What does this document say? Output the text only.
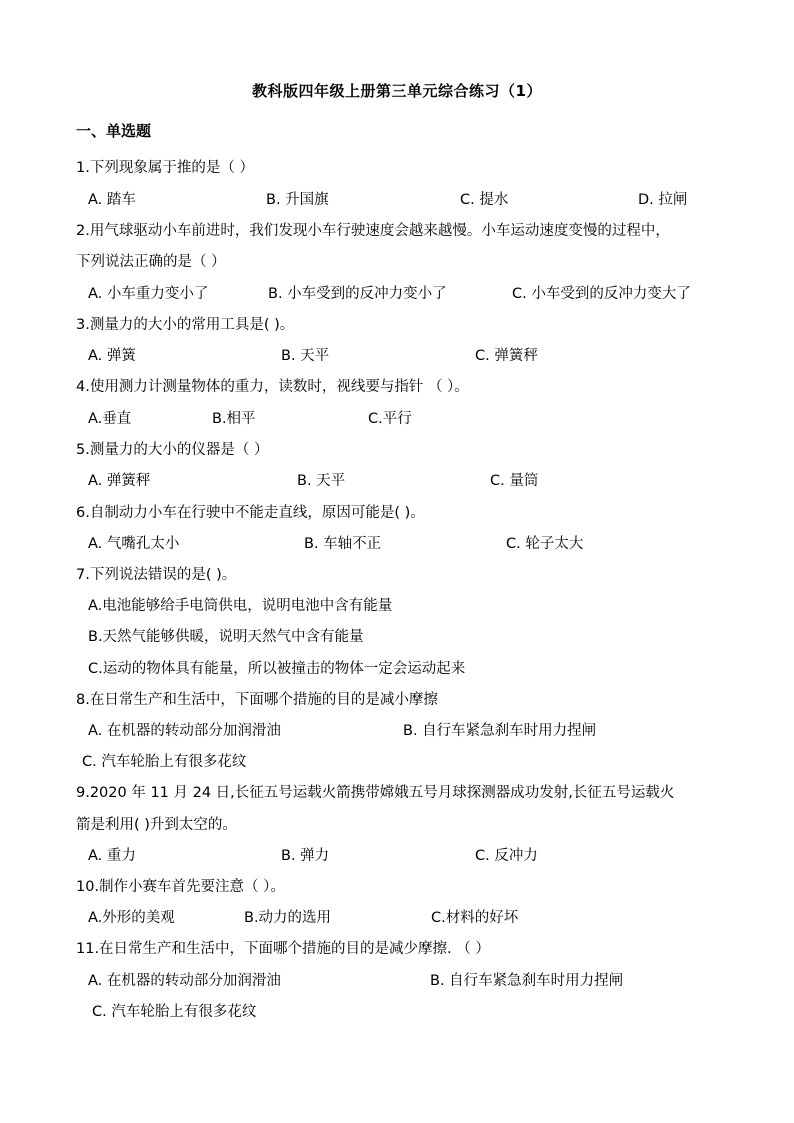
教科版四年级上册第三单元综合练习（1）
一、单选题
1.下列现象属于推的是（ ）
A. 踏车	B. 升国旗	C. 提水	D. 拉闸
2.用气球驱动小车前进时，我们发现小车行驶速度会越来越慢。小车运动速度变慢的过程中，
下列说法正确的是（ ）
A. 小车重力变小了	B. 小车受到的反冲力变小了	C. 小车受到的反冲力变大了
3.测量力的大小的常用工具是( )。
A. 弹簧	B. 天平	C. 弹簧秤
4.使用测力计测量物体的重力，读数时，视线要与指针 （ ）。
A.垂直	B.相平	C.平行
5.测量力的大小的仪器是（ ）
A. 弹簧秤	B. 天平	C. 量筒
6.自制动力小车在行驶中不能走直线，原因可能是( )。
A. 气嘴孔太小	B. 车轴不正	C. 轮子太大
7.下列说法错误的是( )。
A.电池能够给手电筒供电，说明电池中含有能量
B.天然气能够供暖，说明天然气中含有能量
C.运动的物体具有能量，所以被撞击的物体一定会运动起来
8.在日常生产和生活中，下面哪个措施的目的是减小摩擦
A. 在机器的转动部分加润滑油	B. 自行车紧急刹车时用力捏闸
C. 汽车轮胎上有很多花纹
9.2020 年 11 月 24 日,长征五号运载火箭携带嫦娥五号月球探测器成功发射,长征五号运载火
箭是利用( )升到太空的。
A. 重力	B. 弹力	C. 反冲力
10.制作小赛车首先要注意（ ）。
A.外形的美观	B.动力的选用	C.材料的好坏
11.在日常生产和生活中，下面哪个措施的目的是减少摩擦. （ ）
A. 在机器的转动部分加润滑油	B. 自行车紧急刹车时用力捏闸
C. 汽车轮胎上有很多花纹
